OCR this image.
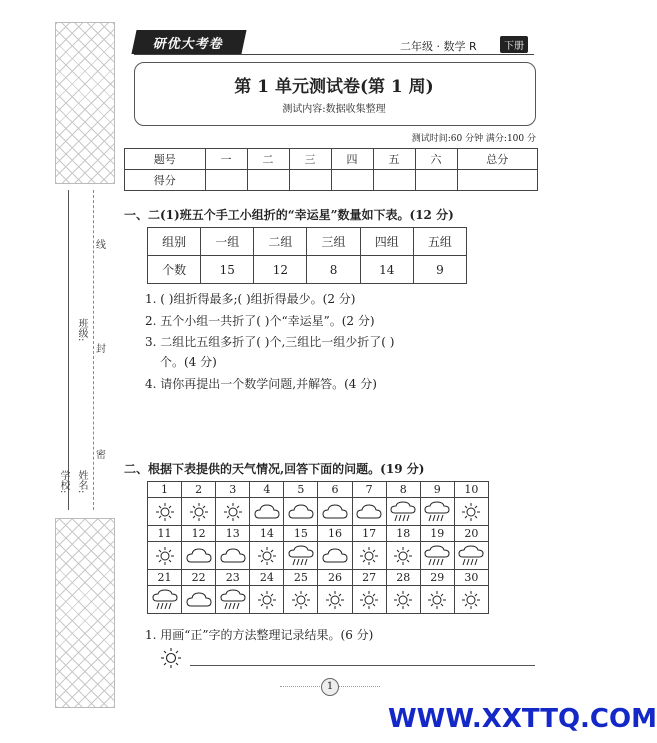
学校:
班级:
姓名:
线
封
密
研优大考卷	二年级 · 数学 R	下册
第 1 单元测试卷(第 1 周)
测试内容:数据收集整理
测试时间:60 分钟 满分:100 分
题号	一	二	三	四	五	六	总分
得分							
一、二(1)班五个手工小组折的“幸运星”数量如下表。(12 分)
组别	一组	二组	三组	四组	五组
个数	15	12	8	14	9
1. ( )组折得最多;( )组折得最少。(2 分)
2. 五个小组一共折了( )个“幸运星”。(2 分)
3. 二组比五组多折了( )个,三组比一组少折了( )
个。(4 分)
4. 请你再提出一个数学问题,并解答。(4 分)
二、根据下表提供的天气情况,回答下面的问题。(19 分)
1	2	3	4	5	6	7	8	9	10

11	12	13	14	15	16	17	18	19	20

21	22	23	24	25	26	27	28	29	30

1. 用画“正”字的方法整理记录结果。(6 分)
1
WWW.XXTTQ.COM
